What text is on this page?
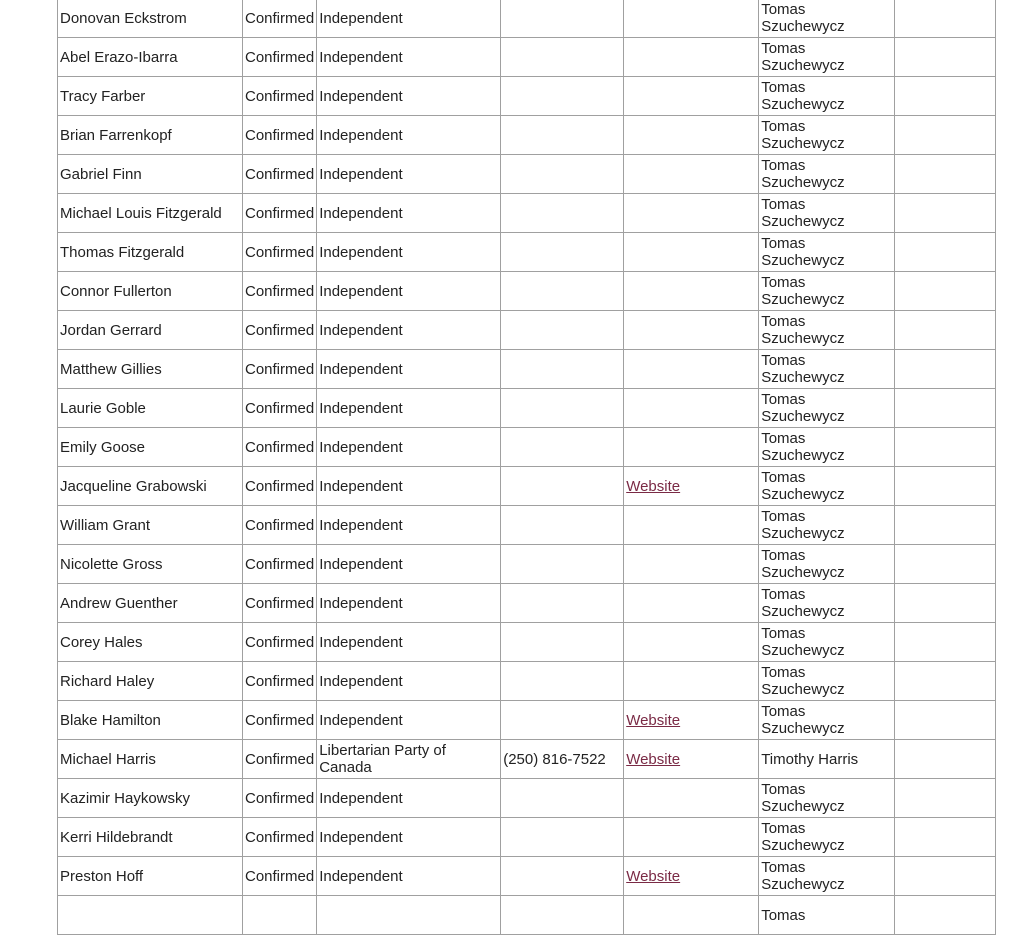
Donovan Eckstrom	Confirmed	Independent			Tomas Szuchewycz	
Abel Erazo-Ibarra	Confirmed	Independent			Tomas Szuchewycz	
Tracy Farber	Confirmed	Independent			Tomas Szuchewycz	
Brian Farrenkopf	Confirmed	Independent			Tomas Szuchewycz	
Gabriel Finn	Confirmed	Independent			Tomas Szuchewycz	
Michael Louis Fitzgerald	Confirmed	Independent			Tomas Szuchewycz	
Thomas Fitzgerald	Confirmed	Independent			Tomas Szuchewycz	
Connor Fullerton	Confirmed	Independent			Tomas Szuchewycz	
Jordan Gerrard	Confirmed	Independent			Tomas Szuchewycz	
Matthew Gillies	Confirmed	Independent			Tomas Szuchewycz	
Laurie Goble	Confirmed	Independent			Tomas Szuchewycz	
Emily Goose	Confirmed	Independent			Tomas Szuchewycz	
Jacqueline Grabowski	Confirmed	Independent		Website	Tomas Szuchewycz	
William Grant	Confirmed	Independent			Tomas Szuchewycz	
Nicolette Gross	Confirmed	Independent			Tomas Szuchewycz	
Andrew Guenther	Confirmed	Independent			Tomas Szuchewycz	
Corey Hales	Confirmed	Independent			Tomas Szuchewycz	
Richard Haley	Confirmed	Independent			Tomas Szuchewycz	
Blake Hamilton	Confirmed	Independent		Website	Tomas Szuchewycz	
Michael Harris	Confirmed	Libertarian Party of Canada	(250) 816-7522	Website	Timothy Harris	
Kazimir Haykowsky	Confirmed	Independent			Tomas Szuchewycz	
Kerri Hildebrandt	Confirmed	Independent			Tomas Szuchewycz	
Preston Hoff	Confirmed	Independent		Website	Tomas Szuchewycz	
					Tomas	
